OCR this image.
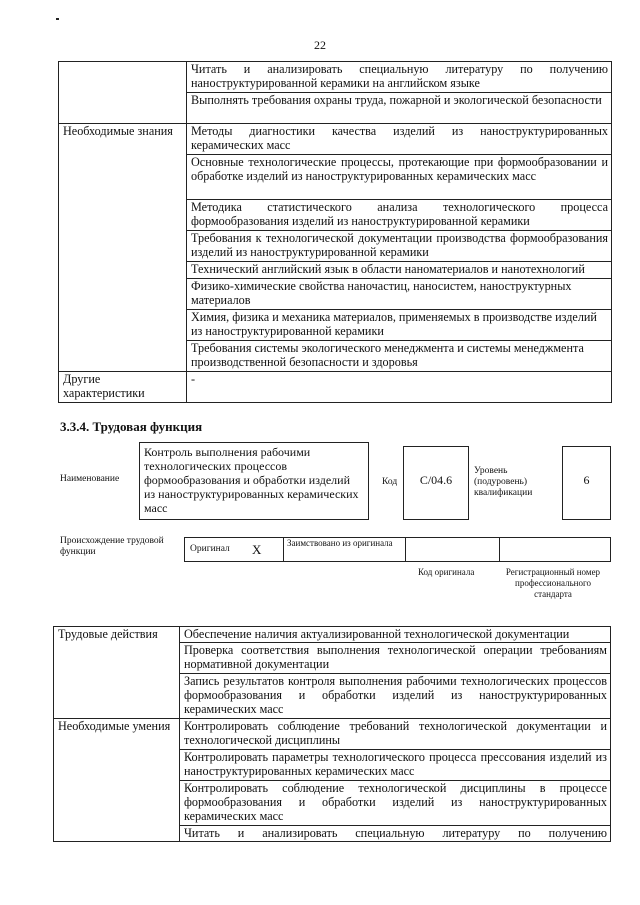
22
	Читать и анализировать специальную литературу по получению наноструктурированной керамики на английском языке
	Выполнять требования охраны труда, пожарной и экологической безопасности
Необходимые знания	Методы диагностики качества изделий из наноструктурированных керамических масс
	Основные технологические процессы, протекающие при формообразовании и обработке изделий из наноструктурированных керамических масс
	Методика статистического анализа технологического процесса формообразования изделий из наноструктурированной керамики
	Требования к технологической документации производства формообразования изделий из наноструктурированной керамики
	Технический английский язык в области наноматериалов и нанотехнологий
	Физико-химические свойства наночастиц, наносистем, наноструктурных материалов
	Химия, физика и механика материалов, применяемых в производстве изделий из наноструктурированной керамики
	Требования системы экологического менеджмента и системы менеджмента производственной безопасности и здоровья
Другие характеристики	-
3.3.4. Трудовая функция
Наименование
Контроль выполнения рабочими технологических процессов формообразования и обработки изделий из наноструктурированных керамических масс
Код	C/04.6
Уровень (подуровень) квалификации
6
Происхождение трудовой функции	Оригинал X	Заимствовано из оригинала
Код оригинала	Регистрационный номер профессионального стандарта
Трудовые действия	Обеспечение наличия актуализированной технологической документации
	Проверка соответствия выполнения технологической операции требованиям нормативной документации
	Запись результатов контроля выполнения рабочими технологических процессов формообразования и обработки изделий из наноструктурированных керамических масс
Необходимые умения	Контролировать соблюдение требований технологической документации и технологической дисциплины
	Контролировать параметры технологического процесса прессования изделий из наноструктурированных керамических масс
	Контролировать соблюдение технологической дисциплины в процессе формообразования и обработки изделий из наноструктурированных керамических масс
	Читать и анализировать специальную литературу по получению
